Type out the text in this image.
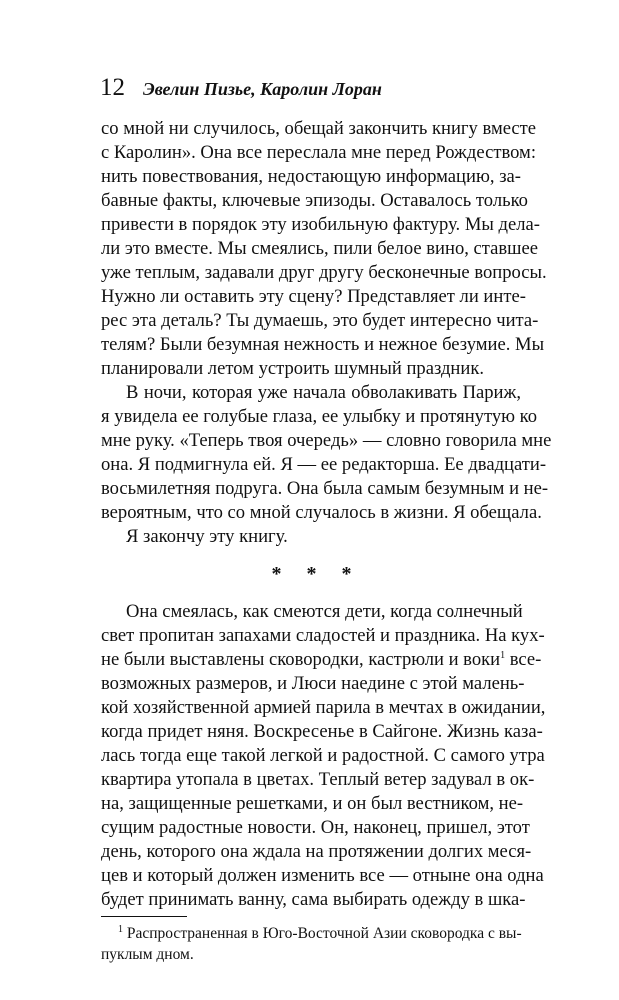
12 Эвелин Пизье, Каролин Лоран
со мной ни случилось, обещай закончить книгу вместе
с Каролин». Она все переслала мне перед Рождеством:
нить повествования, недостающую информацию, за-
бавные факты, ключевые эпизоды. Оставалось только
привести в порядок эту изобильную фактуру. Мы дела-
ли это вместе. Мы смеялись, пили белое вино, ставшее
уже теплым, задавали друг другу бесконечные вопросы.
Нужно ли оставить эту сцену? Представляет ли инте-
рес эта деталь? Ты думаешь, это будет интересно чита-
телям? Были безумная нежность и нежное безумие. Мы
планировали летом устроить шумный праздник.
В ночи, которая уже начала обволакивать Париж,
я увидела ее голубые глаза, ее улыбку и протянутую ко
мне руку. «Теперь твоя очередь» — словно говорила мне
она. Я подмигнула ей. Я — ее редакторша. Ее двадцати-
восьмилетняя подруга. Она была самым безумным и не-
вероятным, что со мной случалось в жизни. Я обещала.
Я закончу эту книгу.
* * *
Она смеялась, как смеются дети, когда солнечный
свет пропитан запахами сладостей и праздника. На кух-
не были выставлены сковородки, кастрюли и воки$^1$ все-
возможных размеров, и Люси наедине с этой малень-
кой хозяйственной армией парила в мечтах в ожидании,
когда придет няня. Воскресенье в Сайгоне. Жизнь каза-
лась тогда еще такой легкой и радостной. С самого утра
квартира утопала в цветах. Теплый ветер задувал в ок-
на, защищенные решетками, и он был вестником, не-
сущим радостные новости. Он, наконец, пришел, этот
день, которого она ждала на протяжении долгих меся-
цев и который должен изменить все — отныне она одна
будет принимать ванну, сама выбирать одежду в шка-
$^1$ Распространенная в Юго-Восточной Азии сковородка с вы-
пуклым дном.
